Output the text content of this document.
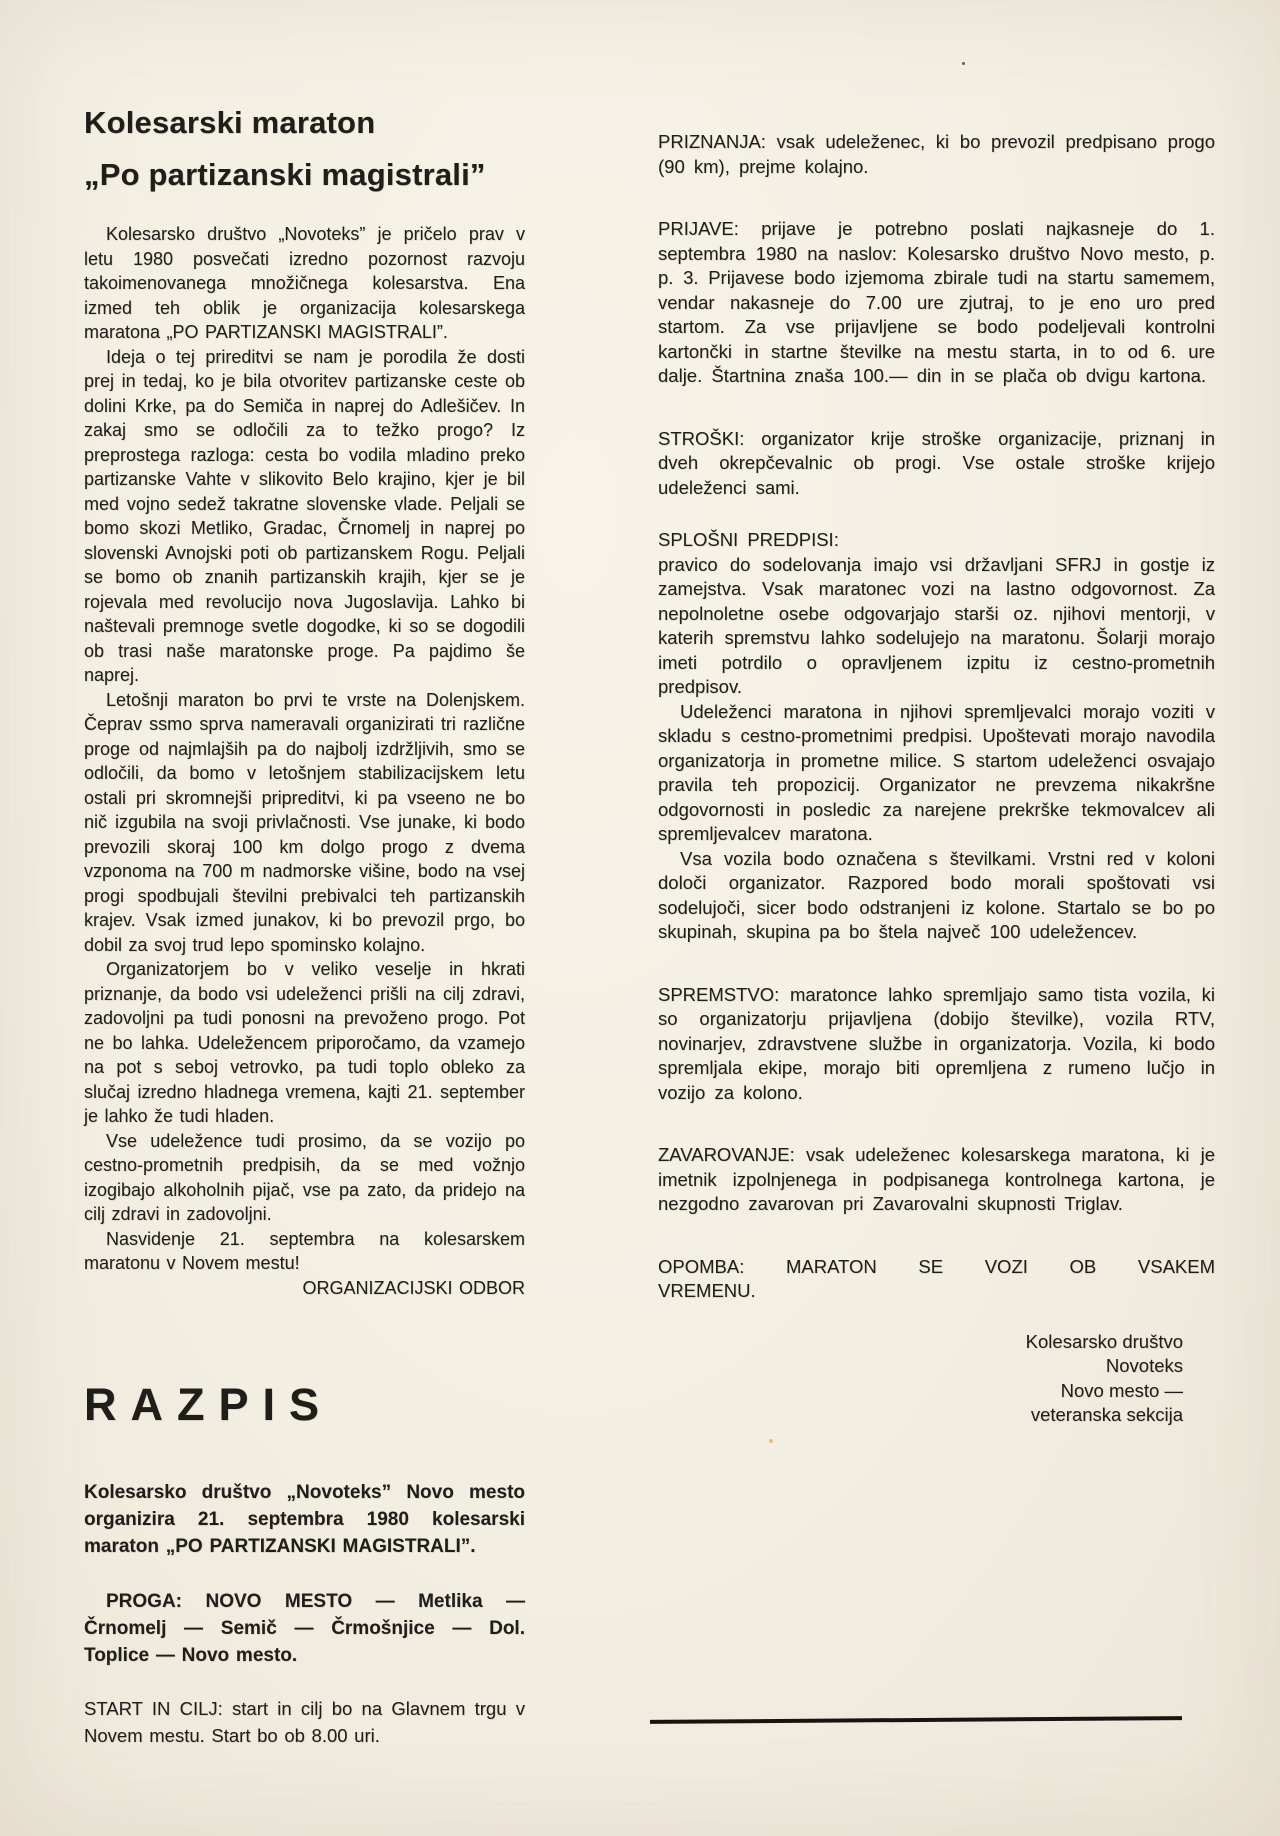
Kolesarski maraton
„Po partizanski magistrali”

Kolesarsko društvo „Novoteks” je pričelo prav v letu 1980 posvečati izredno pozornost razvoju takoimenovanega množičnega kolesarstva. Ena izmed teh oblik je organizacija kolesarskega maratona „PO PARTIZANSKI MAGISTRALI”.

Ideja o tej prireditvi se nam je porodila že dosti prej in tedaj, ko je bila otvoritev partizanske ceste ob dolini Krke, pa do Semiča in naprej do Adlešičev. In zakaj smo se odločili za to težko progo? Iz preprostega razloga: cesta bo vodila mladino preko partizanske Vahte v slikovito Belo krajino, kjer je bil med vojno sedež takratne slovenske vlade. Peljali se bomo skozi Metliko, Gradac, Črnomelj in naprej po slovenski Avnojski poti ob partizanskem Rogu. Peljali se bomo ob znanih partizanskih krajih, kjer se je rojevala med revolucijo nova Jugoslavija. Lahko bi naštevali premnoge svetle dogodke, ki so se dogodili ob trasi naše maratonske proge. Pa pajdimo še naprej.

Letošnji maraton bo prvi te vrste na Dolenjskem. Čeprav ssmo sprva nameravali organizirati tri različne proge od najmlajših pa do najbolj izdržljivih, smo se odločili, da bomo v letošnjem stabilizacijskem letu ostali pri skromnejši pripreditvi, ki pa vseeno ne bo nič izgubila na svoji privlačnosti. Vse junake, ki bodo prevozili skoraj 100 km dolgo progo z dvema vzponoma na 700 m nadmorske višine, bodo na vsej progi spodbujali številni prebivalci teh partizanskih krajev. Vsak izmed junakov, ki bo prevozil prgo, bo dobil za svoj trud lepo spominsko kolajno.

Organizatorjem bo v veliko veselje in hkrati priznanje, da bodo vsi udeleženci prišli na cilj zdravi, zadovoljni pa tudi ponosni na prevoženo progo. Pot ne bo lahka. Udeležencem priporočamo, da vzamejo na pot s seboj vetrovko, pa tudi toplo obleko za slučaj izredno hladnega vremena, kajti 21. september je lahko že tudi hladen.

Vse udeležence tudi prosimo, da se vozijo po cestno-prometnih predpisih, da se med vožnjo izogibajo alkoholnih pijač, vse pa zato, da pridejo na cilj zdravi in zadovoljni.

Nasvidenje 21. septembra na kolesarskem maratonu v Novem mestu!

ORGANIZACIJSKI ODBOR

RAZPIS

Kolesarsko društvo „Novoteks” Novo mesto organizira 21. septembra 1980 kolesarski maraton „PO PARTIZANSKI MAGISTRALI”.

PROGA: NOVO MESTO — Metlika — Črnomelj — Semič — Črmošnjice — Dol. Toplice — Novo mesto.

START IN CILJ: start in cilj bo na Glavnem trgu v Novem mestu. Start bo ob 8.00 uri.

PRIZNANJA: vsak udeleženec, ki bo prevozil predpisano progo (90 km), prejme kolajno.

PRIJAVE: prijave je potrebno poslati najkasneje do 1. septembra 1980 na naslov: Kolesarsko društvo Novo mesto, p. p. 3. Prijavese bodo izjemoma zbirale tudi na startu samemem, vendar nakasneje do 7.00 ure zjutraj, to je eno uro pred startom. Za vse prijavljene se bodo podeljevali kontrolni kartončki in startne številke na mestu starta, in to od 6. ure dalje. Štartnina znaša 100.— din in se plača ob dvigu kartona.

STROŠKI: organizator krije stroške organizacije, priznanj in dveh okrepčevalnic ob progi. Vse ostale stroške krijejo udeleženci sami.

SPLOŠNI PREDPISI:

pravico do sodelovanja imajo vsi državljani SFRJ in gostje iz zamejstva. Vsak maratonec vozi na lastno odgovornost. Za nepolnoletne osebe odgovarjajo starši oz. njihovi mentorji, v katerih spremstvu lahko sodelujejo na maratonu. Šolarji morajo imeti potrdilo o opravljenem izpitu iz cestno-prometnih predpisov.

Udeleženci maratona in njihovi spremljevalci morajo voziti v skladu s cestno-prometnimi predpisi. Upoštevati morajo navodila organizatorja in prometne milice. S startom udeleženci osvajajo pravila teh propozicij. Organizator ne prevzema nikakršne odgovornosti in posledic za narejene prekrške tekmovalcev ali spremljevalcev maratona.

Vsa vozila bodo označena s številkami. Vrstni red v koloni določi organizator. Razpored bodo morali spoštovati vsi sodelujoči, sicer bodo odstranjeni iz kolone. Startalo se bo po skupinah, skupina pa bo štela največ 100 udeležencev.

SPREMSTVO: maratonce lahko spremljajo samo tista vozila, ki so organizatorju prijavljena (dobijo številke), vozila RTV, novinarjev, zdravstvene službe in organizatorja. Vozila, ki bodo spremljala ekipe, morajo biti opremljena z rumeno lučjo in vozijo za kolono.

ZAVAROVANJE: vsak udeleženec kolesarskega maratona, ki je imetnik izpolnjenega in podpisanega kontrolnega kartona, je nezgodno zavarovan pri Zavarovalni skupnosti Triglav.

OPOMBA: MARATON SE VOZI OB VSAKEM

VREMENU.

Kolesarsko društvo
Novoteks
Novo mesto —
veteranska sekcija
